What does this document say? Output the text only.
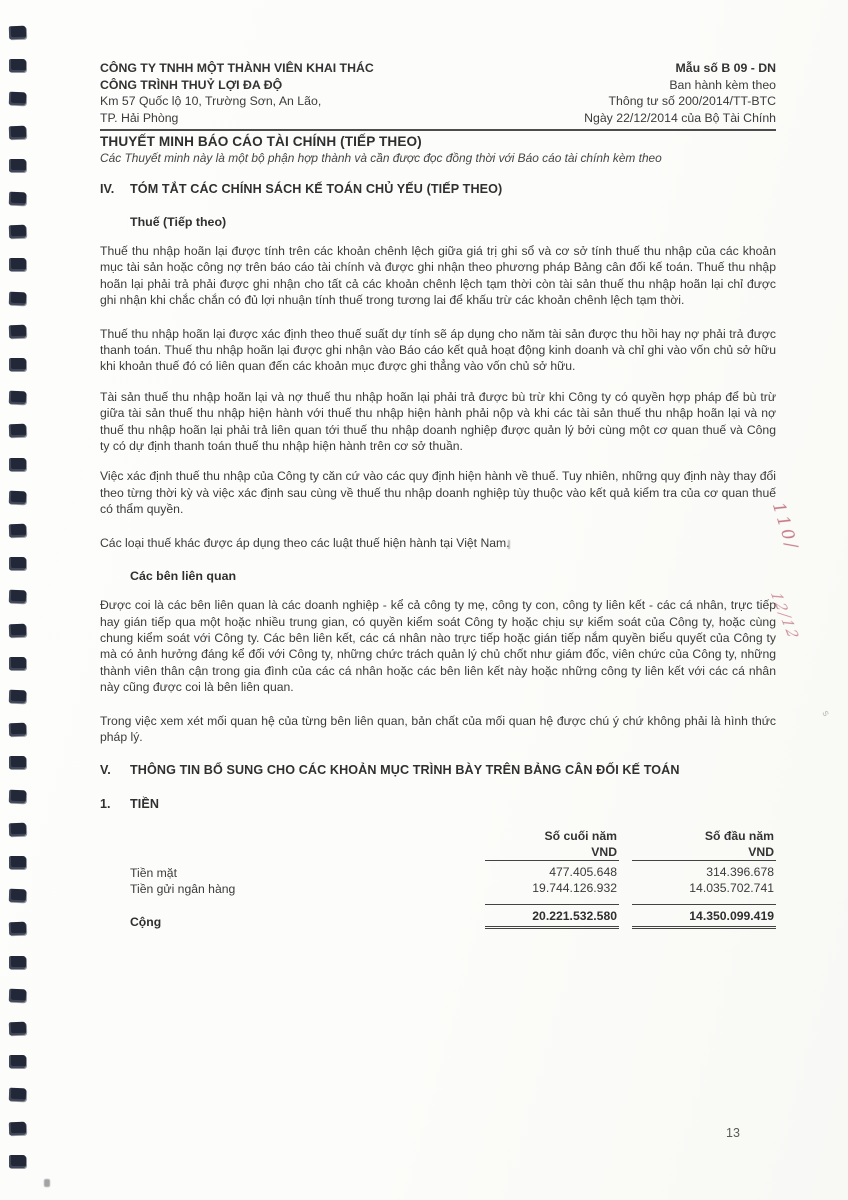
CÔNG TY TNHH MỘT THÀNH VIÊN KHAI THÁC
CÔNG TRÌNH THUỶ LỢI ĐA ĐỘ
Km 57 Quốc lộ 10, Trường Sơn, An Lão,
TP. Hải Phòng
Mẫu số B 09 - DN
Ban hành kèm theo
Thông tư số 200/2014/TT-BTC
Ngày 22/12/2014 của Bộ Tài Chính
THUYẾT MINH BÁO CÁO TÀI CHÍNH (TIẾP THEO)
Các Thuyết minh này là một bộ phận hợp thành và cần được đọc đồng thời với Báo cáo tài chính kèm theo
IV.	TÓM TẮT CÁC CHÍNH SÁCH KẾ TOÁN CHỦ YẾU (TIẾP THEO)
Thuế (Tiếp theo)

Thuế thu nhập hoãn lại được tính trên các khoản chênh lệch giữa giá trị ghi sổ và cơ sở tính thuế thu nhập của các khoản mục tài sản hoặc công nợ trên báo cáo tài chính và được ghi nhận theo phương pháp Bảng cân đối kế toán. Thuế thu nhập hoãn lại phải trả phải được ghi nhận cho tất cả các khoản chênh lệch tạm thời còn tài sản thuế thu nhập hoãn lại chỉ được ghi nhận khi chắc chắn có đủ lợi nhuận tính thuế trong tương lai để khấu trừ các khoản chênh lệch tạm thời.

Thuế thu nhập hoãn lại được xác định theo thuế suất dự tính sẽ áp dụng cho năm tài sản được thu hồi hay nợ phải trả được thanh toán. Thuế thu nhập hoãn lại được ghi nhận vào Báo cáo kết quả hoạt động kinh doanh và chỉ ghi vào vốn chủ sở hữu khi khoản thuế đó có liên quan đến các khoản mục được ghi thẳng vào vốn chủ sở hữu.

Tài sản thuế thu nhập hoãn lại và nợ thuế thu nhập hoãn lại phải trả được bù trừ khi Công ty có quyền hợp pháp để bù trừ giữa tài sản thuế thu nhập hiện hành với thuế thu nhập hiện hành phải nộp và khi các tài sản thuế thu nhập hoãn lại và nợ thuế thu nhập hoãn lại phải trả liên quan tới thuế thu nhập doanh nghiệp được quản lý bởi cùng một cơ quan thuế và Công ty có dự định thanh toán thuế thu nhập hiện hành trên cơ sở thuần.

Việc xác định thuế thu nhập của Công ty căn cứ vào các quy định hiện hành về thuế. Tuy nhiên, những quy định này thay đổi theo từng thời kỳ và việc xác định sau cùng về thuế thu nhập doanh nghiệp tùy thuộc vào kết quả kiểm tra của cơ quan thuế có thẩm quyền.

Các loại thuế khác được áp dụng theo các luật thuế hiện hành tại Việt Nam.

Các bên liên quan

Được coi là các bên liên quan là các doanh nghiệp - kể cả công ty mẹ, công ty con, công ty liên kết - các cá nhân, trực tiếp hay gián tiếp qua một hoặc nhiều trung gian, có quyền kiểm soát Công ty hoặc chịu sự kiểm soát của Công ty, hoặc cùng chung kiểm soát với Công ty. Các bên liên kết, các cá nhân nào trực tiếp hoặc gián tiếp nắm quyền biểu quyết của Công ty mà có ảnh hưởng đáng kể đối với Công ty, những chức trách quản lý chủ chốt như giám đốc, viên chức của Công ty, những thành viên thân cận trong gia đình của các cá nhân hoặc các bên liên kết này hoặc những công ty liên kết với các cá nhân này cũng được coi là bên liên quan.

Trong việc xem xét mối quan hệ của từng bên liên quan, bản chất của mối quan hệ được chú ý chứ không phải là hình thức pháp lý.

V.	THÔNG TIN BỔ SUNG CHO CÁC KHOẢN MỤC TRÌNH BÀY TRÊN BẢNG CÂN ĐỐI KẾ TOÁN
1.	TIỀN
Số cuối năm	Số đầu năm
VND	VND
Tiền mặt	477.405.648	314.396.678
Tiền gửi ngân hàng	19.744.126.932	14.035.702.741
Cộng	20.221.532.580	14.350.099.419
13
110/
12/12
s
